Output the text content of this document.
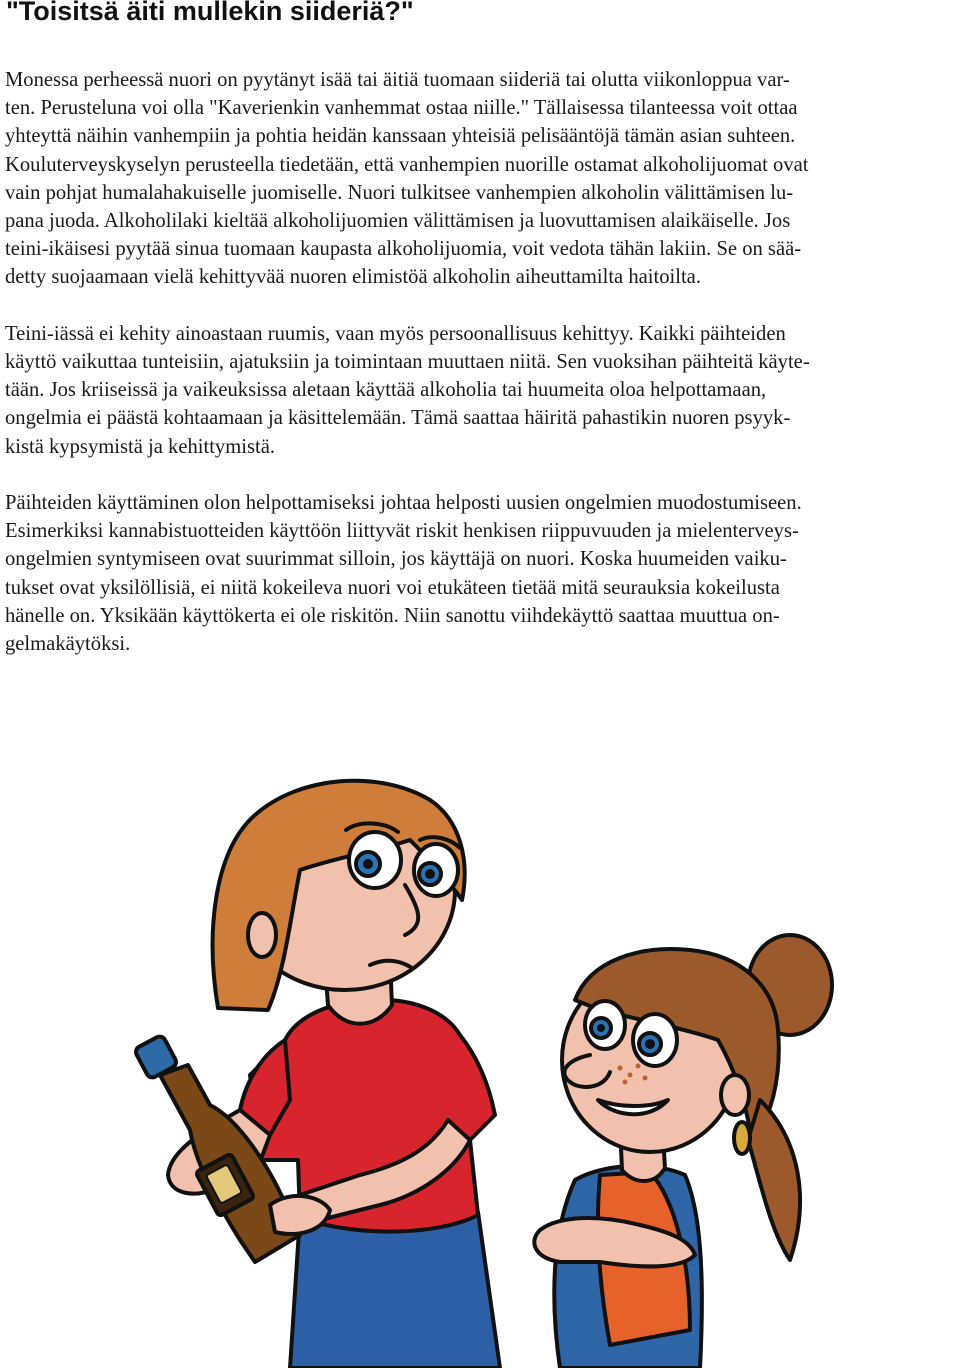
"Toisitsä äiti mullekin siideriä?"

Monessa perheessä nuori on pyytänyt isää tai äitiä tuomaan siideriä tai olutta viikonloppua var-
ten. Perusteluna voi olla "Kaverienkin vanhemmat ostaa niille." Tällaisessa tilanteessa voit ottaa
yhteyttä näihin vanhempiin ja pohtia heidän kanssaan yhteisiä pelisääntöjä tämän asian suhteen.
Kouluterveyskyselyn perusteella tiedetään, että vanhempien nuorille ostamat alkoholijuomat ovat
vain pohjat humalahakuiselle juomiselle. Nuori tulkitsee vanhempien alkoholin välittämisen lu-
pana juoda. Alkoholilaki kieltää alkoholijuomien välittämisen ja luovuttamisen alaikäiselle. Jos
teini-ikäisesi pyytää sinua tuomaan kaupasta alkoholijuomia, voit vedota tähän lakiin. Se on sää-
detty suojaamaan vielä kehittyvää nuoren elimistöä alkoholin aiheuttamilta haitoilta.

Teini-iässä ei kehity ainoastaan ruumis, vaan myös persoonallisuus kehittyy. Kaikki päihteiden
käyttö vaikuttaa tunteisiin, ajatuksiin ja toimintaan muuttaen niitä. Sen vuoksihan päihteitä käyte-
tään. Jos kriiseissä ja vaikeuksissa aletaan käyttää alkoholia tai huumeita oloa helpottamaan,
ongelmia ei päästä kohtaamaan ja käsittelemään. Tämä saattaa häiritä pahastikin nuoren psyyk-
kistä kypsymistä ja kehittymistä.

Päihteiden käyttäminen olon helpottamiseksi johtaa helposti uusien ongelmien muodostumiseen.
Esimerkiksi kannabistuotteiden käyttöön liittyvät riskit henkisen riippuvuuden ja mielenterveys-
ongelmien syntymiseen ovat suurimmat silloin, jos käyttäjä on nuori. Koska huumeiden vaiku-
tukset ovat yksilöllisiä, ei niitä kokeileva nuori voi etukäteen tietää mitä seurauksia kokeilusta
hänelle on. Yksikään käyttökerta ei ole riskitön. Niin sanottu viihdekäyttö saattaa muuttua on-
gelmakäytöksi.
